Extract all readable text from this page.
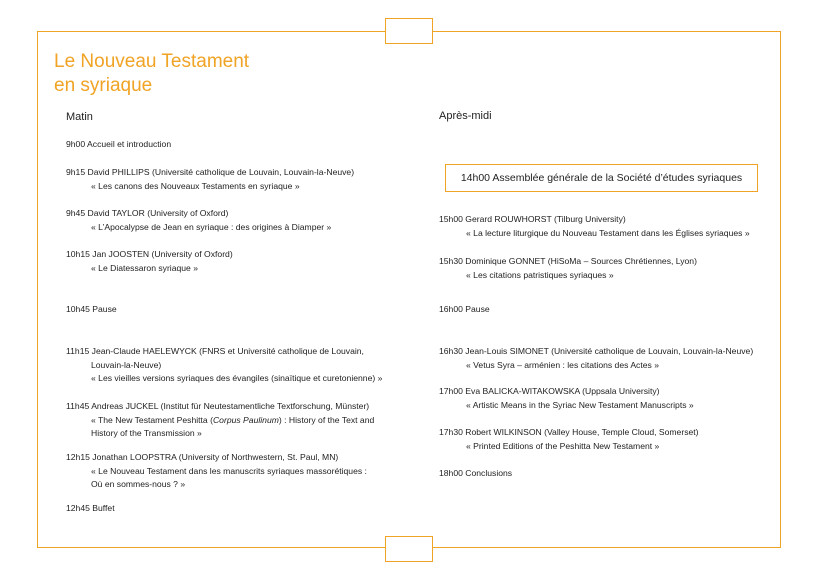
Le Nouveau Testament
en syriaque
Matin	Après-midi
9h00 Accueil et introduction
9h15 David PHILLIPS (Université catholique de Louvain, Louvain-la-Neuve)
« Les canons des Nouveaux Testaments en syriaque »
9h45 David TAYLOR (University of Oxford)
« L’Apocalypse de Jean en syriaque : des origines à Diamper »
10h15 Jan JOOSTEN (University of Oxford)
« Le Diatessaron syriaque »
10h45 Pause
11h15 Jean-Claude HAELEWYCK (FNRS et Université catholique de Louvain,
Louvain-la-Neuve)
« Les vieilles versions syriaques des évangiles (sinaïtique et curetonienne) »
11h45 Andreas JUCKEL (Institut für Neutestamentliche Textforschung, Münster)
« The New Testament Peshitta (Corpus Paulinum) : History of the Text and
History of the Transmission »
12h15 Jonathan LOOPSTRA (University of Northwestern, St. Paul, MN)
« Le Nouveau Testament dans les manuscrits syriaques massorétiques :
Où en sommes-nous ? »
12h45 Buffet
14h00 Assemblée générale de la Société d’études syriaques
15h00 Gerard ROUWHORST (Tilburg University)
« La lecture liturgique du Nouveau Testament dans les Églises syriaques »
15h30 Dominique GONNET (HiSoMa – Sources Chrétiennes, Lyon)
« Les citations patristiques syriaques »
16h00 Pause
16h30 Jean-Louis SIMONET (Université catholique de Louvain, Louvain-la-Neuve)
« Vetus Syra – arménien : les citations des Actes »
17h00 Eva BALICKA-WITAKOWSKA (Uppsala University)
« Artistic Means in the Syriac New Testament Manuscripts »
17h30 Robert WILKINSON (Valley House, Temple Cloud, Somerset)
« Printed Editions of the Peshitta New Testament »
18h00 Conclusions
